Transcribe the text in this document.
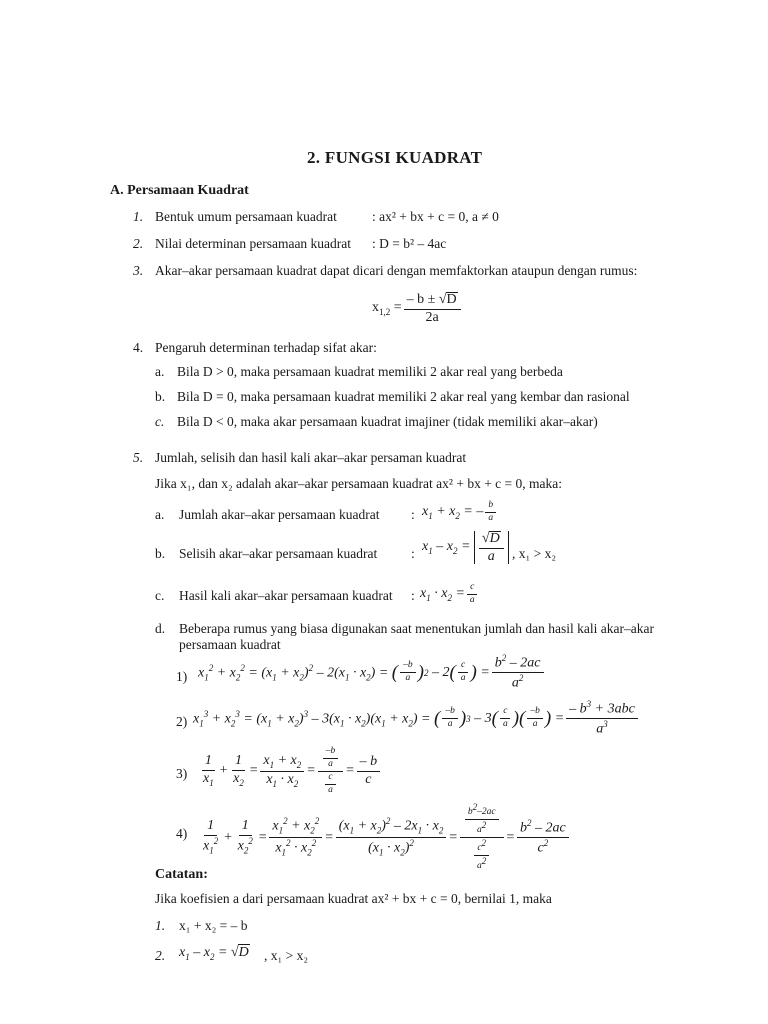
2. FUNGSI KUADRAT
A. Persamaan Kuadrat
1. Bentuk umum persamaan kuadrat	: ax² + bx + c = 0, a ≠ 0
2. Nilai determinan persamaan kuadrat : D = b² – 4ac
3. Akar–akar persamaan kuadrat dapat dicari dengan memfaktorkan ataupun dengan rumus:
$x_{1,2} = \frac{- b \pm √D}{2a}$
4. Pengaruh determinan terhadap sifat akar:
a. Bila D > 0, maka persamaan kuadrat memiliki 2 akar real yang berbeda
b. Bila D = 0, maka persamaan kuadrat memiliki 2 akar real yang kembar dan rasional
c. Bila D < 0, maka akar persamaan kuadrat imajiner (tidak memiliki akar–akar)
5. Jumlah, selisih dan hasil kali akar–akar persaman kuadrat
Jika x₁, dan x₂ adalah akar–akar persamaan kuadrat ax² + bx + c = 0, maka:
a. Jumlah akar–akar persamaan kuadrat : $x_1 + x_2$ = – $\frac{b}{a}$
b. Selisih akar–akar persamaan kuadrat : $x_1 - x_2 = \frac{√D}{a}$ , x₁ > x₂
c. Hasil kali akar–akar persamaan kuadrat : $x_1 \cdot x_2 = \frac{c}{a}$
d. Beberapa rumus yang biasa digunakan saat menentukan jumlah dan hasil kali akar–akar
persamaan kuadrat
1) $x_1^2 + x_2^2 = (x_1 + x_2)^2 - 2(x_1 \cdot x_2)$ = ( $\frac{-b}{a}$ ) 2 – 2 ( $\frac{c}{a}$ ) = $\frac{b^2 - 2ac}{a^2}$
2) $x_1^3 + x_2^3 = (x_1 + x_2)^3 - 3(x_1 \cdot x_2)(x_1 + x_2)$ = ( $\frac{-b}{a}$ ) 3 – 3 ( $\frac{c}{a}$ )( $\frac{-b}{a}$ ) = $\frac{- b^3 + 3abc}{a^3}$
$3) \frac{1}{x_1} + \frac{1}{x_2} = \frac{x_1 + x_2}{x_1 \cdot x_2} = \frac{\frac{-b}{a}}{\frac{c}{a}} = \frac{- b}{c}$
$4) \frac{1}{x_1^2} + \frac{1}{x_2^2} = \frac{x_1^2 + x_2^2}{x_1^2 \cdot x_2^2} = \frac{(x_1 + x_2)^2 - 2x_1 \cdot x_2}{(x_1 \cdot x_2)^2} = \frac{\frac{b^2-2ac}{a^2}}{\frac{c^2}{a^2}} = \frac{b^2 - 2ac}{c^2}$
Catatan:
Jika koefisien a dari persamaan kuadrat ax² + bx + c = 0, bernilai 1, maka
1. x₁ + x₂ = – b
2. $x_1 - x_2 = √D$ , x₁ > x₂
